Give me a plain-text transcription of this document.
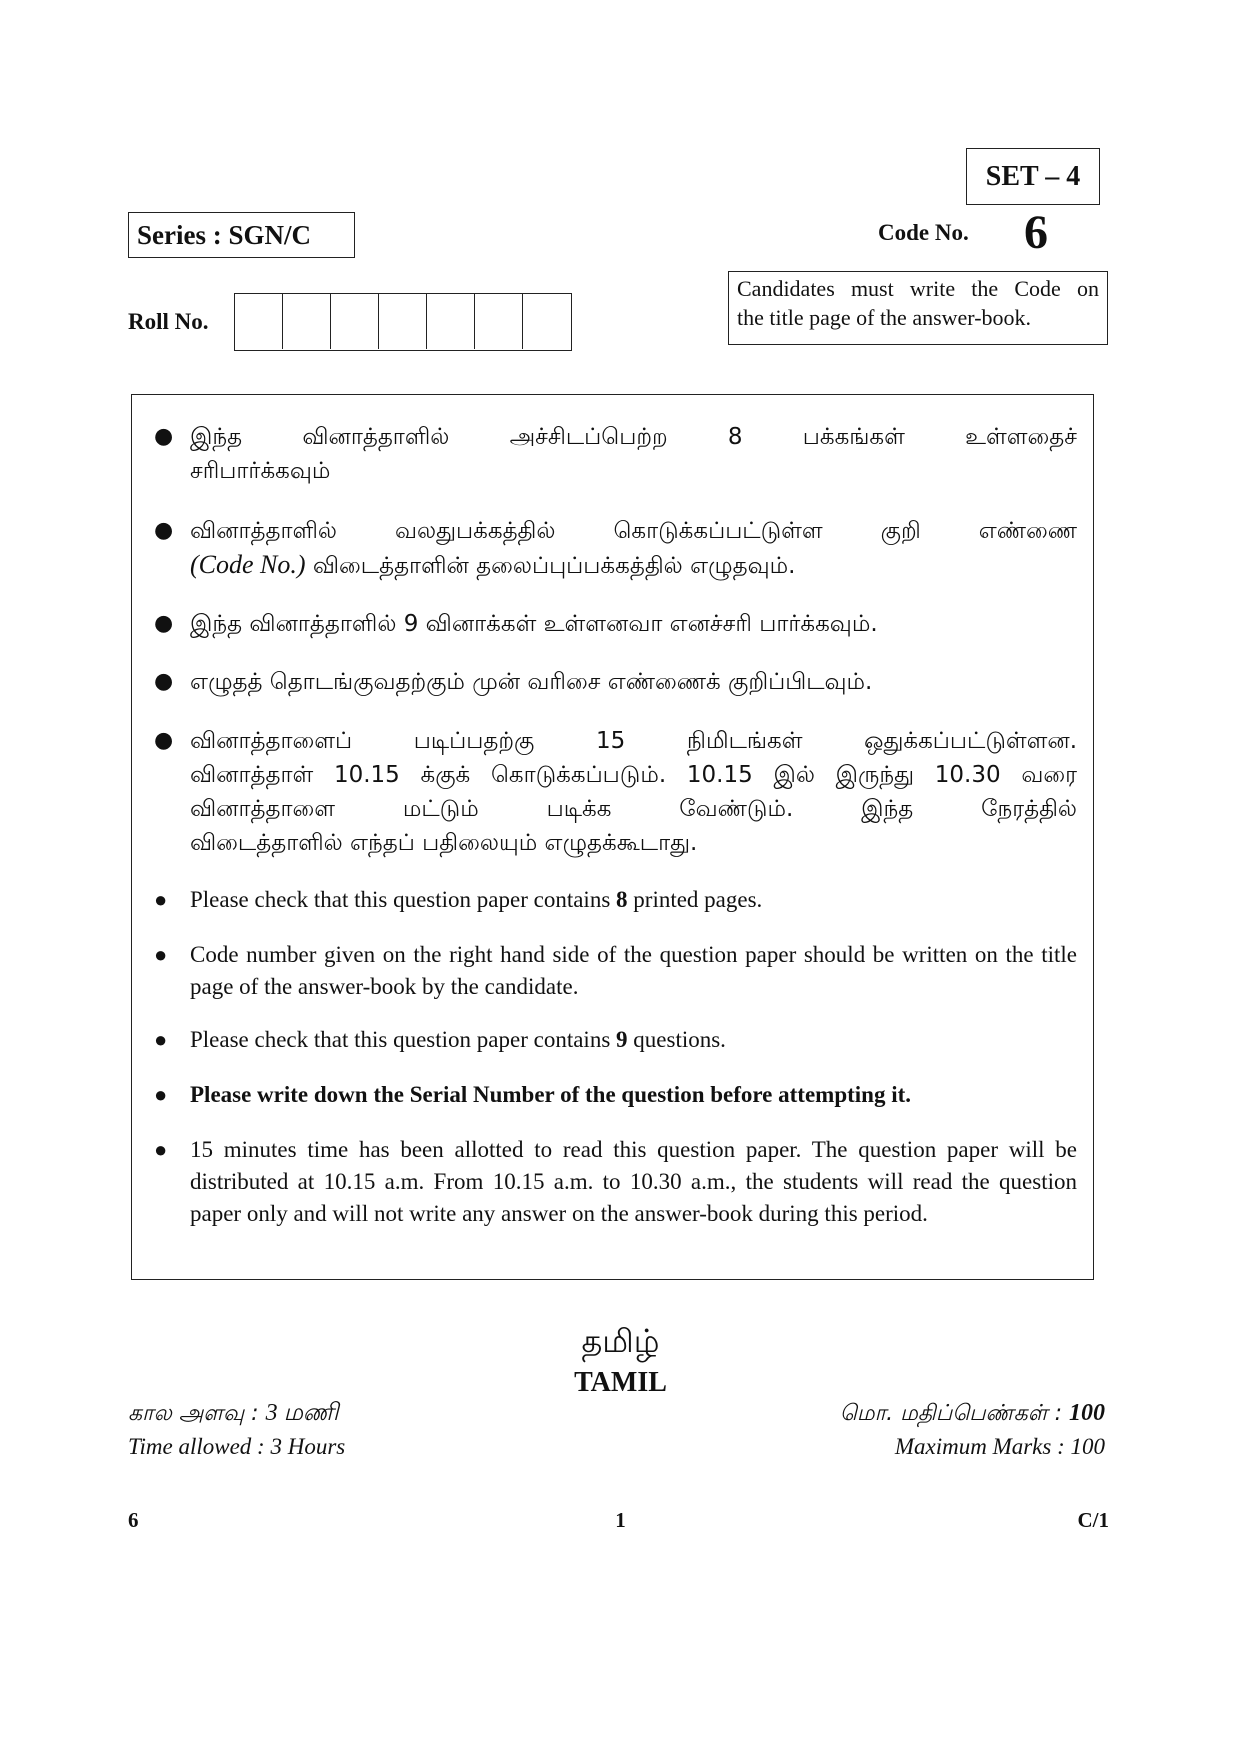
SET – 4
Series : SGN/C	Code No. 6
Candidates must write the Code on
the title page of the answer-book.
Roll No.
● இந்த வினாத்தாளில் அச்சிடப்பெற்ற 8 பக்கங்கள் உள்ளதைச்
சரிபார்க்கவும்
● வினாத்தாளில் வலதுபக்கத்தில் கொடுக்கப்பட்டுள்ள குறி எண்ணை
(Code No.) விடைத்தாளின் தலைப்புப்பக்கத்தில் எழுதவும்.
● இந்த வினாத்தாளில் 9 வினாக்கள் உள்ளனவா எனச்சரி பார்க்கவும்.
● எழுதத் தொடங்குவதற்கும் முன் வரிசை எண்ணைக் குறிப்பிடவும்.
● வினாத்தாளைப் படிப்பதற்கு 15 நிமிடங்கள் ஒதுக்கப்பட்டுள்ளன.
வினாத்தாள் 10.15 க்குக் கொடுக்கப்படும். 10.15 இல் இருந்து 10.30 வரை
வினாத்தாளை மட்டும் படிக்க வேண்டும். இந்த நேரத்தில்
விடைத்தாளில் எந்தப் பதிலையும் எழுதக்கூடாது.
● Please check that this question paper contains 8 printed pages.
● Code number given on the right hand side of the question paper should be written on the title page of the answer-book by the candidate.
● Please check that this question paper contains 9 questions.
● Please write down the Serial Number of the question before attempting it.
● 15 minutes time has been allotted to read this question paper. The question paper will be distributed at 10.15 a.m. From 10.15 a.m. to 10.30 a.m., the students will read the question paper only and will not write any answer on the answer-book during this period.
தமிழ்
TAMIL
கால அளவு : 3 மணி
Time allowed : 3 Hours
மொ. மதிப்பெண்கள் : 100
Maximum Marks : 100
6	1	C/1
